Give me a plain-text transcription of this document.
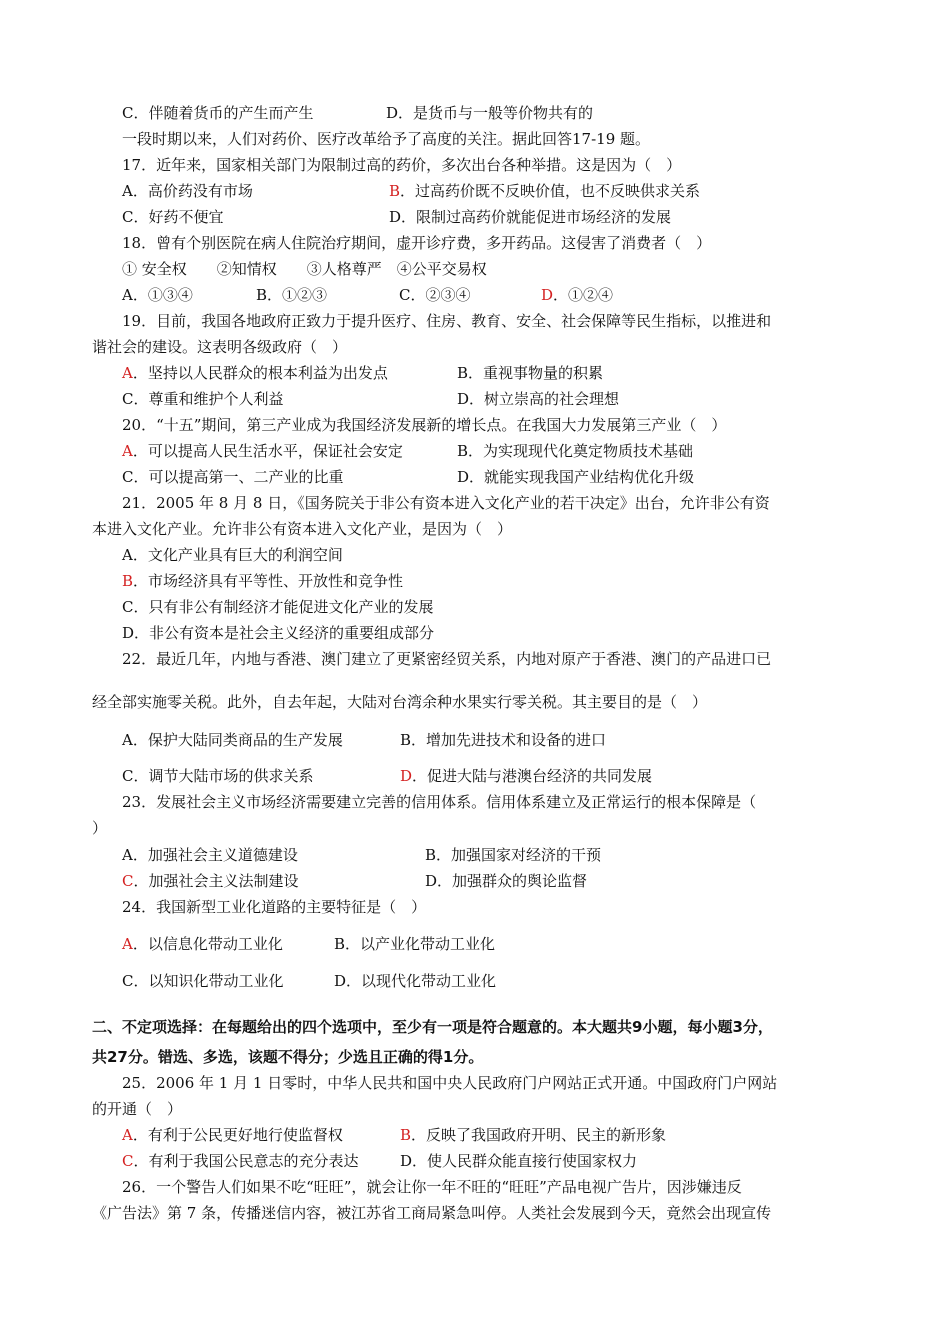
C．伴随着货币的产生而产生	D．是货币与一般等价物共有的
一段时期以来，人们对药价、医疗改革给予了高度的关注。据此回答17-19 题。
17．近年来，国家相关部门为限制过高的药价，多次出台各种举措。这是因为（　）
A．高价药没有市场	B．过高药价既不反映价值，也不反映供求关系
C．好药不便宜	D．限制过高药价就能促进市场经济的发展
18．曾有个别医院在病人住院治疗期间，虚开诊疗费，多开药品。这侵害了消费者（　）
① 安全权　　②知情权　　③人格尊严　④公平交易权
A．①③④	B．①②③	C．②③④	D．①②④
19．目前，我国各地政府正致力于提升医疗、住房、教育、安全、社会保障等民生指标，以推进和
谐社会的建设。这表明各级政府（　）
A．坚持以人民群众的根本利益为出发点	B．重视事物量的积累
C．尊重和维护个人利益	D．树立崇高的社会理想
20．“十五”期间，第三产业成为我国经济发展新的增长点。在我国大力发展第三产业（　）
A．可以提高人民生活水平，保证社会安定	B．为实现现代化奠定物质技术基础
C．可以提高第一、二产业的比重	D．就能实现我国产业结构优化升级
21．2005 年 8 月 8 日，《国务院关于非公有资本进入文化产业的若干决定》出台，允许非公有资
本进入文化产业。允许非公有资本进入文化产业，是因为（　）
A．文化产业具有巨大的利润空间
B．市场经济具有平等性、开放性和竞争性
C．只有非公有制经济才能促进文化产业的发展
D．非公有资本是社会主义经济的重要组成部分
22．最近几年，内地与香港、澳门建立了更紧密经贸关系，内地对原产于香港、澳门的产品进口已
经全部实施零关税。此外，自去年起，大陆对台湾余种水果实行零关税。其主要目的是（　）
A．保护大陆同类商品的生产发展	B．增加先进技术和设备的进口
C．调节大陆市场的供求关系	D．促进大陆与港澳台经济的共同发展
23．发展社会主义市场经济需要建立完善的信用体系。信用体系建立及正常运行的根本保障是（
）
A．加强社会主义道德建设	B．加强国家对经济的干预
C．加强社会主义法制建设	D．加强群众的舆论监督
24．我国新型工业化道路的主要特征是（　）
A．以信息化带动工业化	B．以产业化带动工业化
C．以知识化带动工业化	D．以现代化带动工业化
二、不定项选择：在每题给出的四个选项中，至少有一项是符合题意的。本大题共9小题，每小题3分，
共27分。错选、多选，该题不得分；少选且正确的得1分。
25．2006 年 1 月 1 日零时，中华人民共和国中央人民政府门户网站正式开通。中国政府门户网站
的开通（　）
A．有利于公民更好地行使监督权	B．反映了我国政府开明、民主的新形象
C．有利于我国公民意志的充分表达	D．使人民群众能直接行使国家权力
26．一个警告人们如果不吃“旺旺”，就会让你一年不旺的“旺旺”产品电视广告片，因涉嫌违反
《广告法》第 7 条，传播迷信内容，被江苏省工商局紧急叫停。人类社会发展到今天，竟然会出现宣传
